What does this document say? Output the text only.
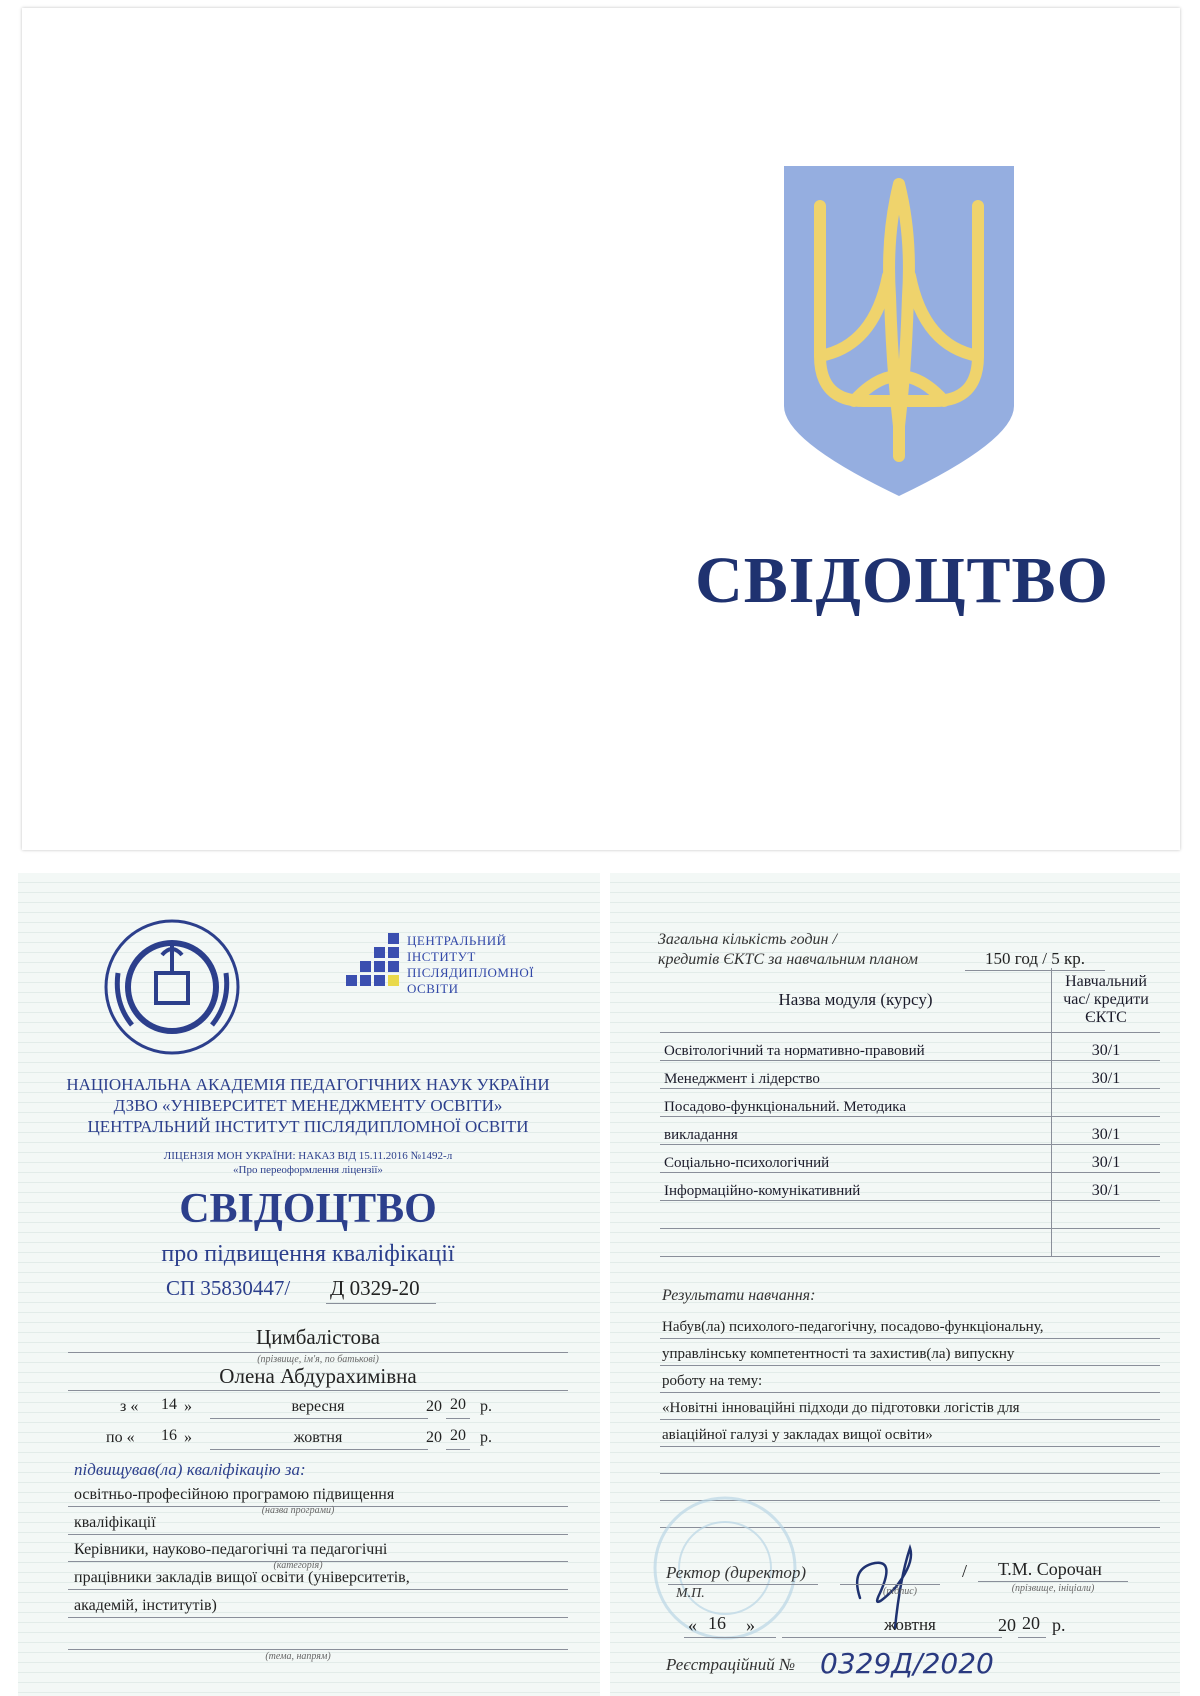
СВІДОЦТВО
ЦЕНТРАЛЬНИЙ
ІНСТИТУТ
ПІСЛЯДИПЛОМНОЇ
ОСВІТИ
НАЦІОНАЛЬНА АКАДЕМІЯ ПЕДАГОГІЧНИХ НАУК УКРАЇНИ
ДЗВО «УНІВЕРСИТЕТ МЕНЕДЖМЕНТУ ОСВІТИ»
ЦЕНТРАЛЬНИЙ ІНСТИТУТ ПІСЛЯДИПЛОМНОЇ ОСВІТИ
ЛІЦЕНЗІЯ МОН УКРАЇНИ: НАКАЗ ВІД 15.11.2016 №1492-л
«Про переоформлення ліцензії»
СВІДОЦТВО
про підвищення кваліфікації
СП 35830447/ Д 0329-20
Цимбалістова
(прізвище, ім'я, по батькові)
Олена Абдурахимівна
з «	14 »	вересня	20 20 р.
по «	16 »	жовтня	20 20 р.
підвищував(ла) кваліфікацію за:
освітньо-професійною програмою підвищення
(назва програми)
кваліфікації
Керівники, науково-педагогічні та педагогічні
(категорія)
працівники закладів вищої освіти (університетів,
академій, інститутів)
(тема, напрям)
Загальна кількість годин /
кредитів ЄКТС за навчальним планом	150 год / 5 кр.
Назва модуля (курсу)	Навчальний
час/ кредити
ЄКТС

Освітологічний та нормативно-правовий	30/1
Менеджмент і лідерство	30/1
Посадово-функціональний. Методика	
викладання	30/1
Соціально-психологічний	30/1
Інформаційно-комунікативний	30/1

Результати навчання:
Набув(ла) психолого-педагогічну, посадово-функціональну,
управлінську компетентності та захистив(ла) випускну
роботу на тему:
«Новітні інноваційні підходи до підготовки логістів для
авіаційної галузі у закладах вищої освіти»
Ректор (директор)
М.П.	(підпис)
/	Т.М. Сорочан
(прізвище, ініціали)
« 16 »	жовтня	20 20 р.
Реєстраційний № 0329Д/2020
